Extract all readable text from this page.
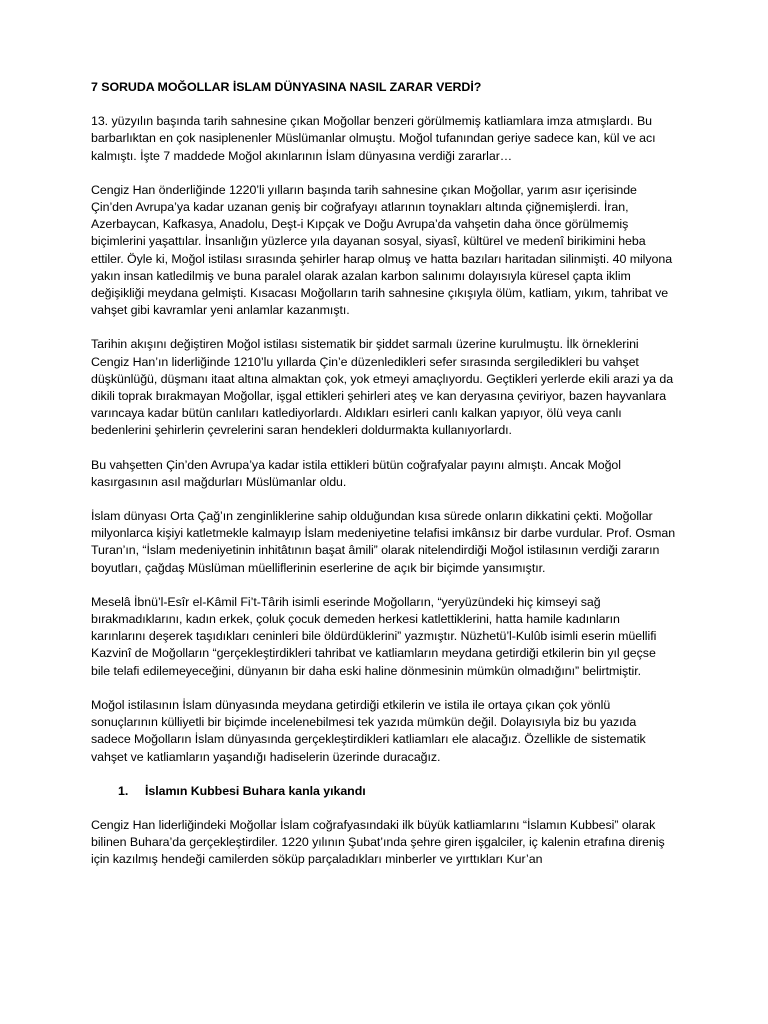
7 SORUDA MOĞOLLAR İSLAM DÜNYASINA NASIL ZARAR VERDİ?

13. yüzyılın başında tarih sahnesine çıkan Moğollar benzeri görülmemiş katliamlara imza atmışlardı. Bu barbarlıktan en çok nasiplenenler Müslümanlar olmuştu. Moğol tufanından geriye sadece kan, kül ve acı kalmıştı. İşte 7 maddede Moğol akınlarının İslam dünyasına verdiği zararlar…

Cengiz Han önderliğinde 1220’li yılların başında tarih sahnesine çıkan Moğollar, yarım asır içerisinde Çin’den Avrupa’ya kadar uzanan geniş bir coğrafyayı atlarının toynakları altında çiğnemişlerdi. İran, Azerbaycan, Kafkasya, Anadolu, Deşt-i Kıpçak ve Doğu Avrupa’da vahşetin daha önce görülmemiş biçimlerini yaşattılar. İnsanlığın yüzlerce yıla dayanan sosyal, siyasî, kültürel ve medenî birikimini heba ettiler. Öyle ki, Moğol istilası sırasında şehirler harap olmuş ve hatta bazıları haritadan silinmişti. 40 milyona yakın insan katledilmiş ve buna paralel olarak azalan karbon salınımı dolayısıyla küresel çapta iklim değişikliği meydana gelmişti. Kısacası Moğolların tarih sahnesine çıkışıyla ölüm, katliam, yıkım, tahribat ve vahşet gibi kavramlar yeni anlamlar kazanmıştı.

Tarihin akışını değiştiren Moğol istilası sistematik bir şiddet sarmalı üzerine kurulmuştu. İlk örneklerini Cengiz Han’ın liderliğinde 1210’lu yıllarda Çin’e düzenledikleri sefer sırasında sergiledikleri bu vahşet düşkünlüğü, düşmanı itaat altına almaktan çok, yok etmeyi amaçlıyordu. Geçtikleri yerlerde ekili arazi ya da dikili toprak bırakmayan Moğollar, işgal ettikleri şehirleri ateş ve kan deryasına çeviriyor, bazen hayvanlara varıncaya kadar bütün canlıları katlediyorlardı. Aldıkları esirleri canlı kalkan yapıyor, ölü veya canlı bedenlerini şehirlerin çevrelerini saran hendekleri doldurmakta kullanıyorlardı.

Bu vahşetten Çin’den Avrupa’ya kadar istila ettikleri bütün coğrafyalar payını almıştı. Ancak Moğol kasırgasının asıl mağdurları Müslümanlar oldu.

İslam dünyası Orta Çağ’ın zenginliklerine sahip olduğundan kısa sürede onların dikkatini çekti. Moğollar milyonlarca kişiyi katletmekle kalmayıp İslam medeniyetine telafisi imkânsız bir darbe vurdular. Prof. Osman Turan’ın, “İslam medeniyetinin inhitâtının başat âmili” olarak nitelendirdiği Moğol istilasının verdiği zararın boyutları, çağdaş Müslüman müelliflerinin eserlerine de açık bir biçimde yansımıştır.

Meselâ İbnü’l-Esîr el-Kâmil Fi’t-Târih isimli eserinde Moğolların, “yeryüzündeki hiç kimseyi sağ bırakmadıklarını, kadın erkek, çoluk çocuk demeden herkesi katlettiklerini, hatta hamile kadınların karınlarını deşerek taşıdıkları ceninleri bile öldürdüklerini” yazmıştır. Nüzhetü’l-Kulûb isimli eserin müellifi Kazvinî de Moğolların “gerçekleştirdikleri tahribat ve katliamların meydana getirdiği etkilerin bin yıl geçse bile telafi edilemeyeceğini, dünyanın bir daha eski haline dönmesinin mümkün olmadığını” belirtmiştir.

Moğol istilasının İslam dünyasında meydana getirdiği etkilerin ve istila ile ortaya çıkan çok yönlü sonuçlarının külliyetli bir biçimde incelenebilmesi tek yazıda mümkün değil. Dolayısıyla biz bu yazıda sadece Moğolların İslam dünyasında gerçekleştirdikleri katliamları ele alacağız. Özellikle de sistematik vahşet ve katliamların yaşandığı hadiselerin üzerinde duracağız.

1.	İslamın Kubbesi Buhara kanla yıkandı

Cengiz Han liderliğindeki Moğollar İslam coğrafyasındaki ilk büyük katliamlarını “İslamın Kubbesi” olarak bilinen Buhara’da gerçekleştirdiler. 1220 yılının Şubat’ında şehre giren işgalciler, iç kalenin etrafına direniş için kazılmış hendeği camilerden söküp parçaladıkları minberler ve yırttıkları Kur’an
